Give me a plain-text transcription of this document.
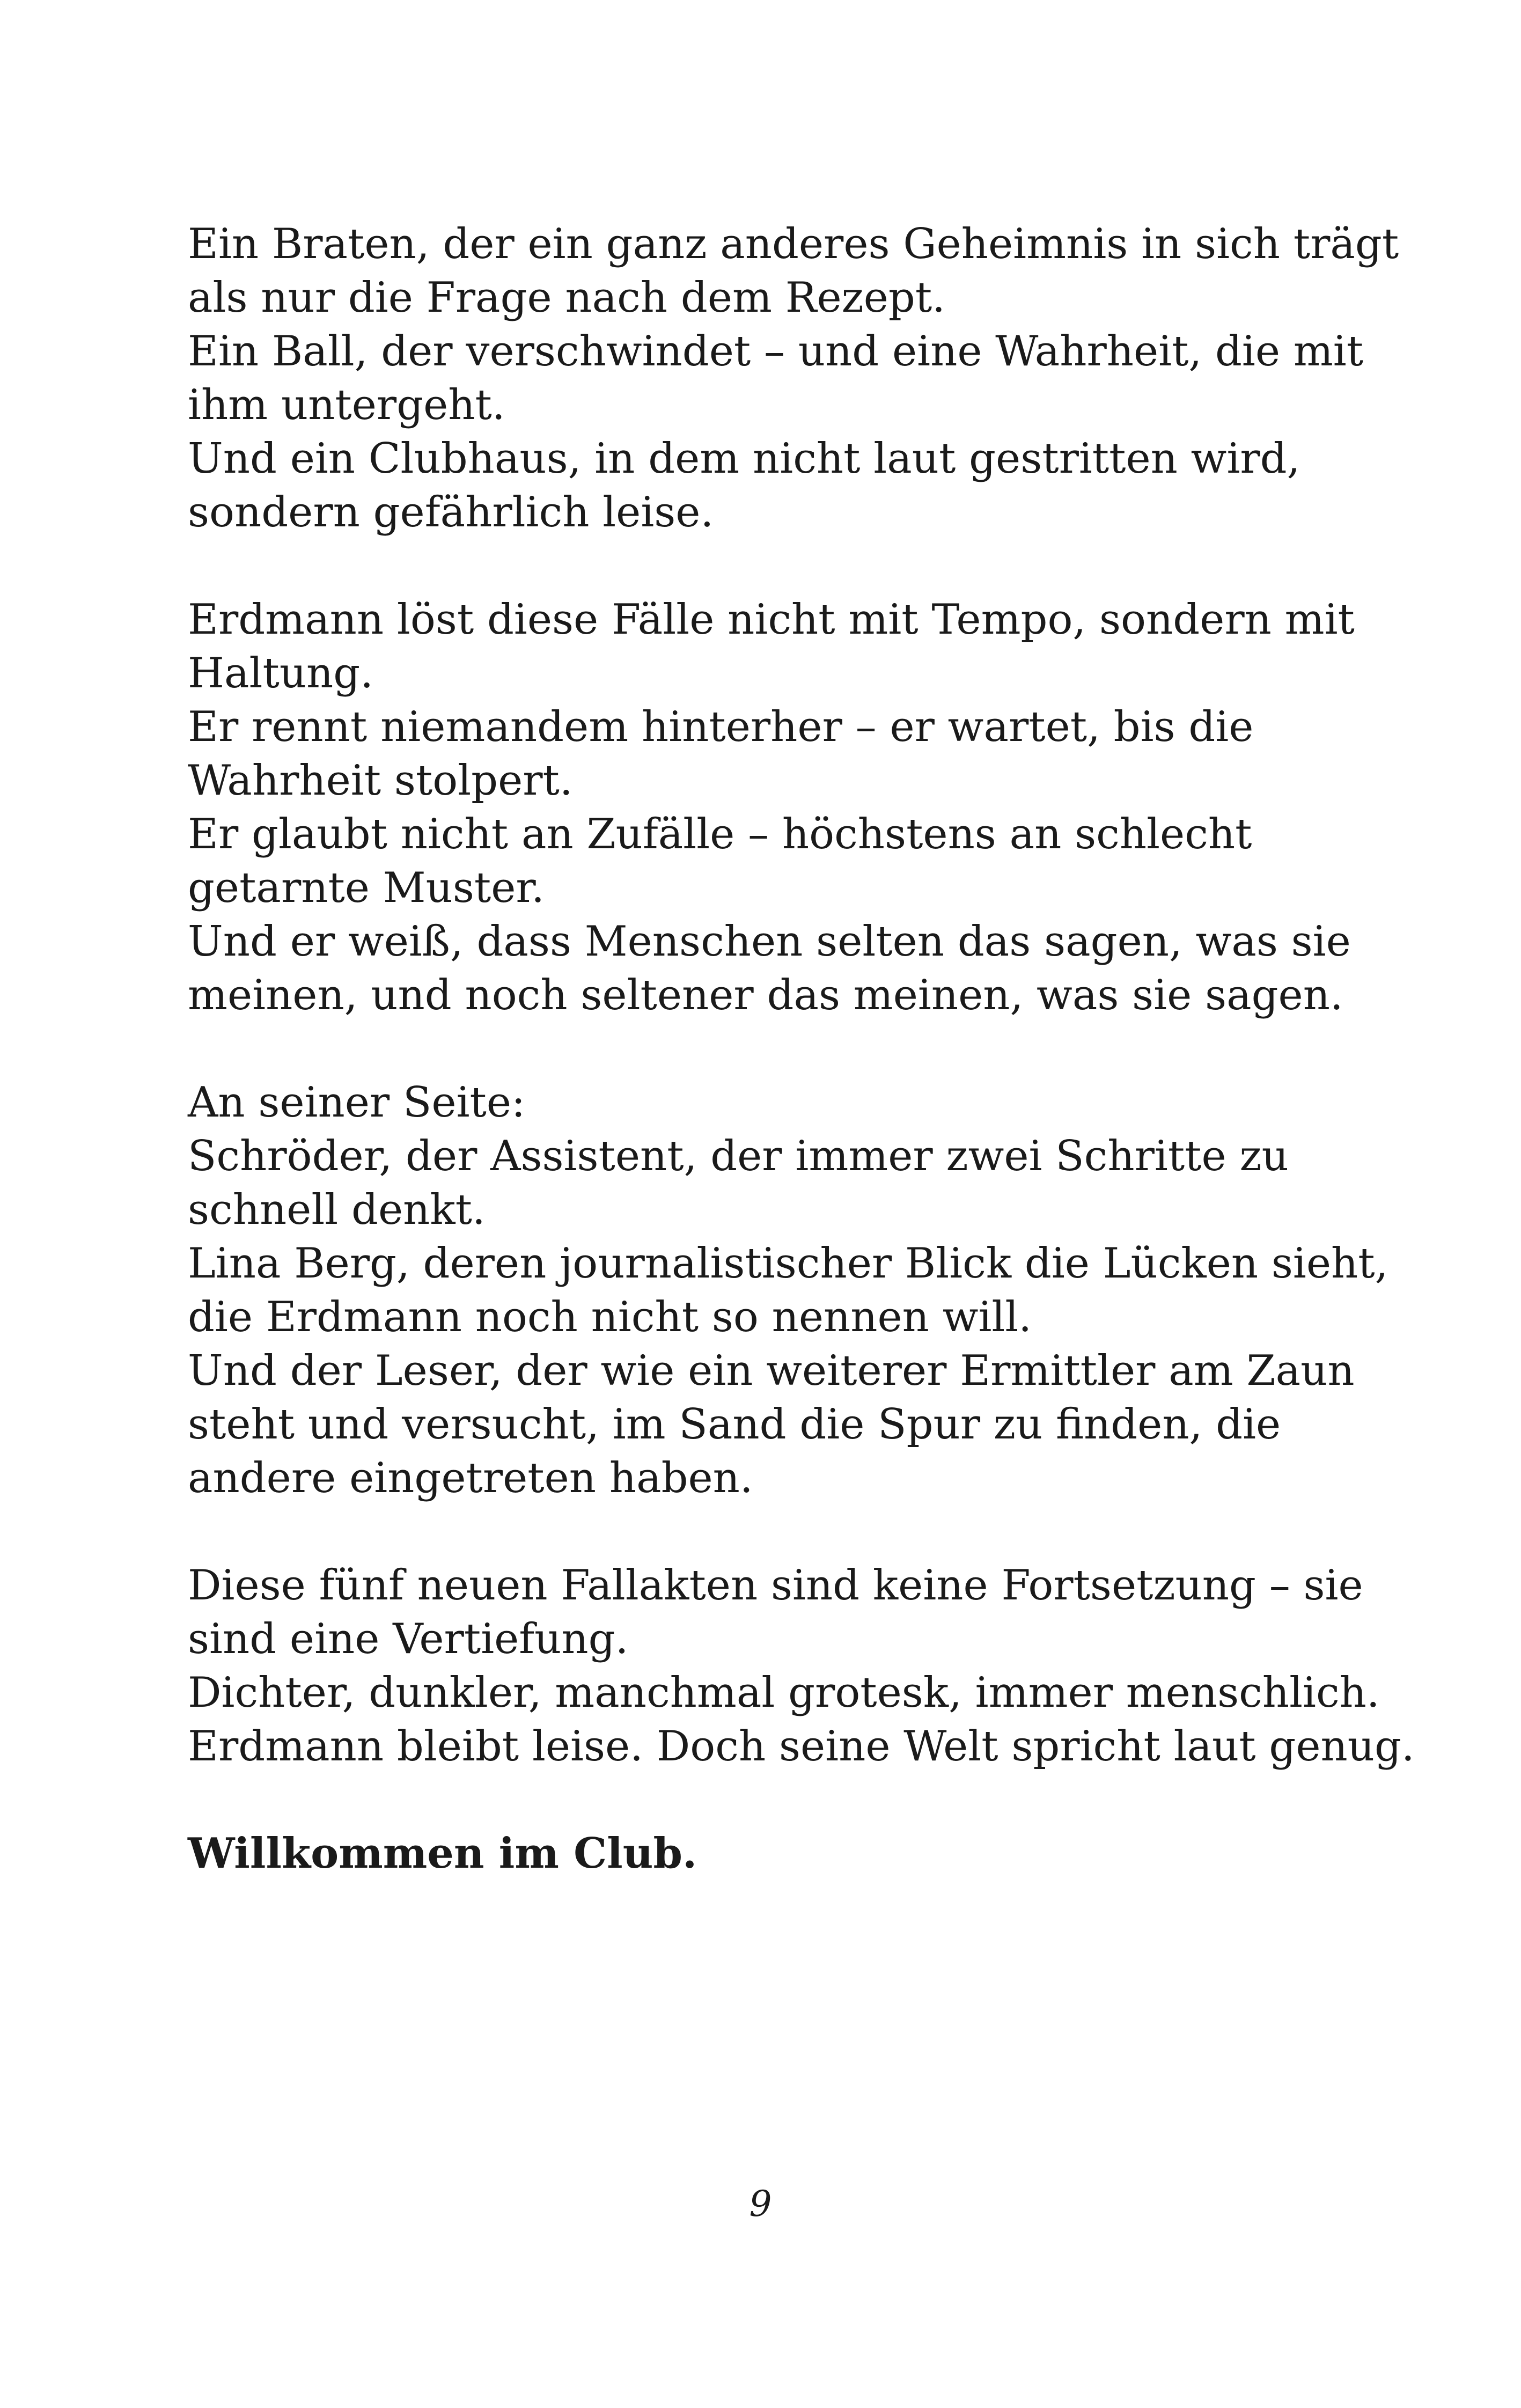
Ein Braten, der ein ganz anderes Geheimnis in sich trägt
als nur die Frage nach dem Rezept.
Ein Ball, der verschwindet – und eine Wahrheit, die mit
ihm untergeht.
Und ein Clubhaus, in dem nicht laut gestritten wird,
sondern gefährlich leise.

Erdmann löst diese Fälle nicht mit Tempo, sondern mit
Haltung.
Er rennt niemandem hinterher – er wartet, bis die
Wahrheit stolpert.
Er glaubt nicht an Zufälle – höchstens an schlecht
getarnte Muster.
Und er weiß, dass Menschen selten das sagen, was sie
meinen, und noch seltener das meinen, was sie sagen.

An seiner Seite:
Schröder, der Assistent, der immer zwei Schritte zu
schnell denkt.
Lina Berg, deren journalistischer Blick die Lücken sieht,
die Erdmann noch nicht so nennen will.
Und der Leser, der wie ein weiterer Ermittler am Zaun
steht und versucht, im Sand die Spur zu finden, die
andere eingetreten haben.

Diese fünf neuen Fallakten sind keine Fortsetzung – sie
sind eine Vertiefung.
Dichter, dunkler, manchmal grotesk, immer menschlich.
Erdmann bleibt leise. Doch seine Welt spricht laut genug.

Willkommen im Club.

9
